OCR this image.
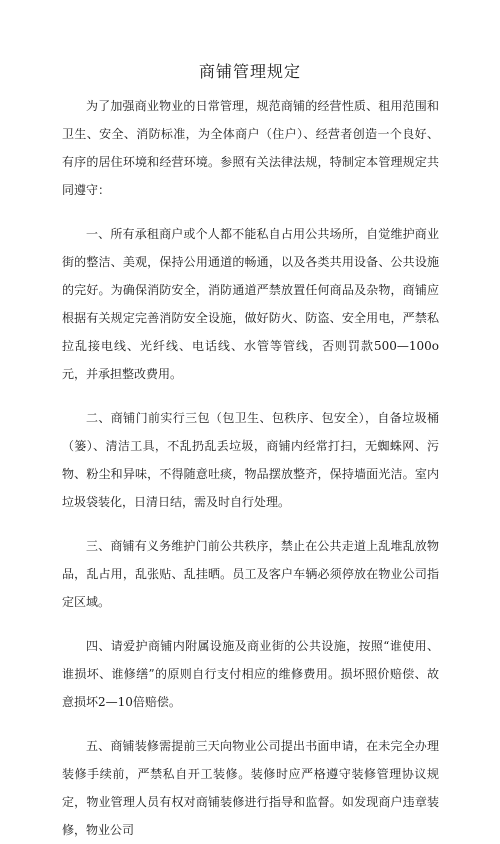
商铺管理规定

为了加强商业物业的日常管理，规范商铺的经营性质、租用范围和卫生、安全、消防标准，为全体商户（住户）、经营者创造一个良好、有序的居住环境和经营环境。参照有关法律法规，特制定本管理规定共同遵守：

一、所有承租商户或个人都不能私自占用公共场所，自觉维护商业街的整洁、美观，保持公用通道的畅通，以及各类共用设备、公共设施的完好。为确保消防安全，消防通道严禁放置任何商品及杂物，商铺应根据有关规定完善消防安全设施，做好防火、防盗、安全用电，严禁私拉乱接电线、光纤线、电话线、水管等管线，否则罚款500—100o元，并承担整改费用。

二、商铺门前实行三包（包卫生、包秩序、包安全），自备垃圾桶（篓）、清洁工具，不乱扔乱丢垃圾，商铺内经常打扫，无蜘蛛网、污物、粉尘和异味，不得随意吐痰，物品摆放整齐，保持墙面光洁。室内垃圾袋装化，日清日结，需及时自行处理。

三、商铺有义务维护门前公共秩序，禁止在公共走道上乱堆乱放物品，乱占用，乱张贴、乱挂晒。员工及客户车辆必须停放在物业公司指定区域。

四、请爱护商铺内附属设施及商业街的公共设施，按照“谁使用、谁损坏、谁修缮”的原则自行支付相应的维修费用。损坏照价赔偿、故意损坏2—10倍赔偿。

五、商铺装修需提前三天向物业公司提出书面申请，在未完全办理装修手续前，严禁私自开工装修。装修时应严格遵守装修管理协议规定，物业管理人员有权对商铺装修进行指导和监督。如发现商户违章装修，物业公司
